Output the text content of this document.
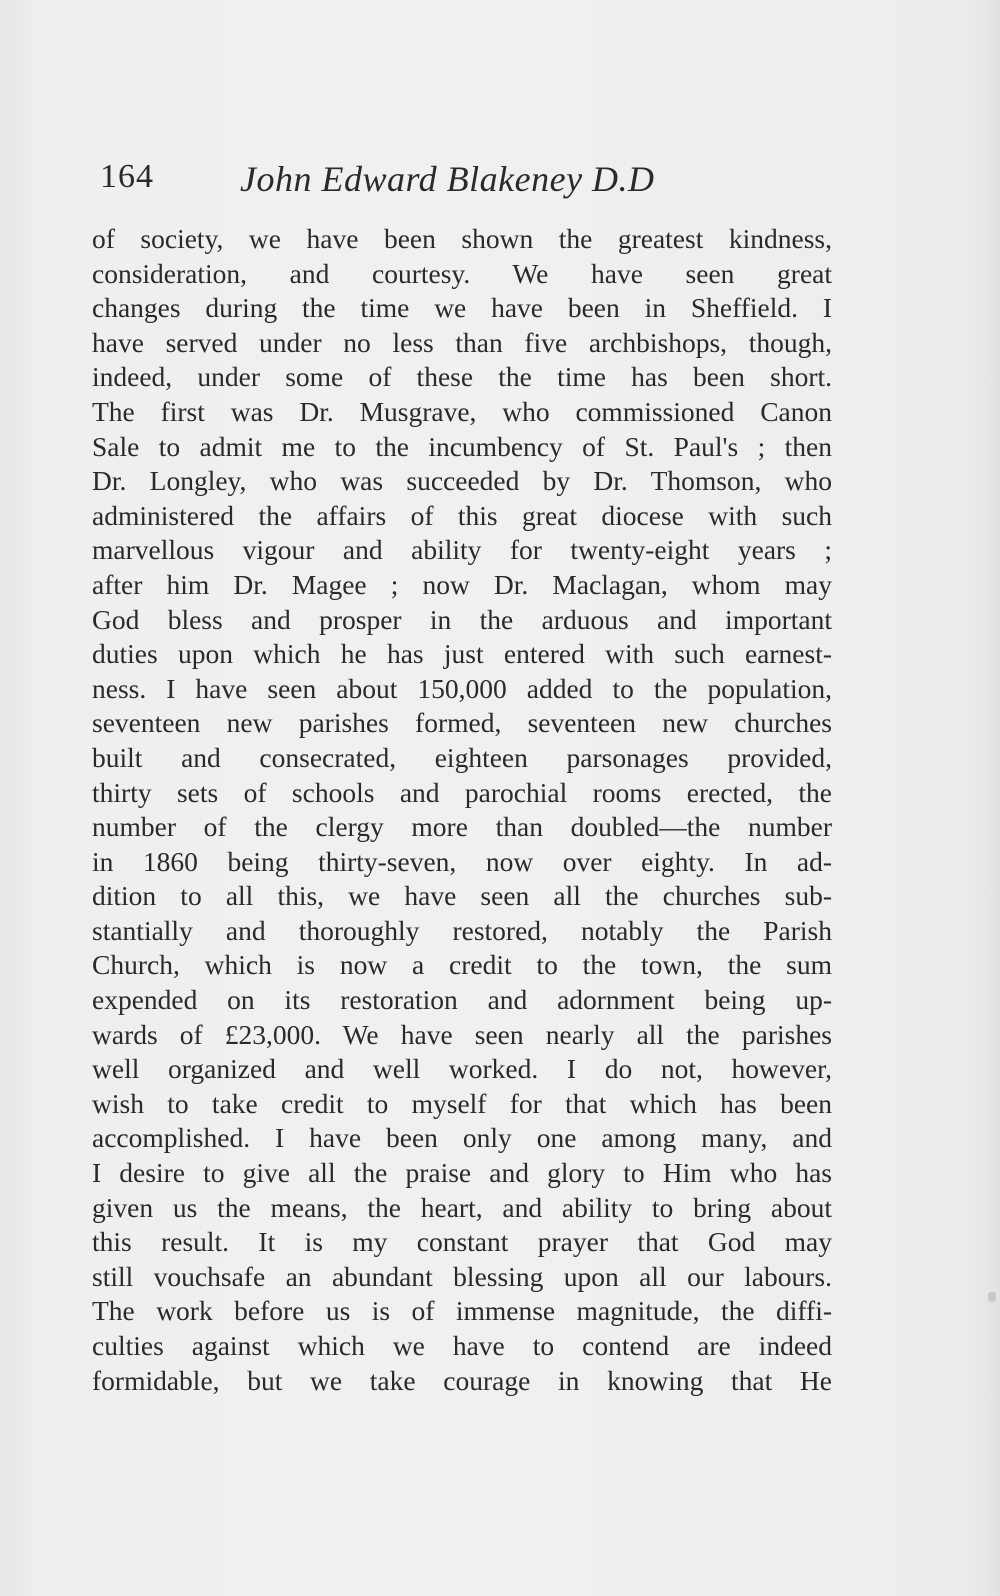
164 John Edward Blakeney D.D
of society, we have been shown the greatest kindness,
consideration, and courtesy. We have seen great
changes during the time we have been in Sheffield. I
have served under no less than five archbishops, though,
indeed, under some of these the time has been short.
The first was Dr. Musgrave, who commissioned Canon
Sale to admit me to the incumbency of St. Paul's ; then
Dr. Longley, who was succeeded by Dr. Thomson, who
administered the affairs of this great diocese with such
marvellous vigour and ability for twenty-eight years ;
after him Dr. Magee ; now Dr. Maclagan, whom may
God bless and prosper in the arduous and important
duties upon which he has just entered with such earnest-
ness. I have seen about 150,000 added to the population,
seventeen new parishes formed, seventeen new churches
built and consecrated, eighteen parsonages provided,
thirty sets of schools and parochial rooms erected, the
number of the clergy more than doubled—the number
in 1860 being thirty-seven, now over eighty. In ad-
dition to all this, we have seen all the churches sub-
stantially and thoroughly restored, notably the Parish
Church, which is now a credit to the town, the sum
expended on its restoration and adornment being up-
wards of £23,000. We have seen nearly all the parishes
well organized and well worked. I do not, however,
wish to take credit to myself for that which has been
accomplished. I have been only one among many, and
I desire to give all the praise and glory to Him who has
given us the means, the heart, and ability to bring about
this result. It is my constant prayer that God may
still vouchsafe an abundant blessing upon all our labours.
The work before us is of immense magnitude, the diffi-
culties against which we have to contend are indeed
formidable, but we take courage in knowing that He
